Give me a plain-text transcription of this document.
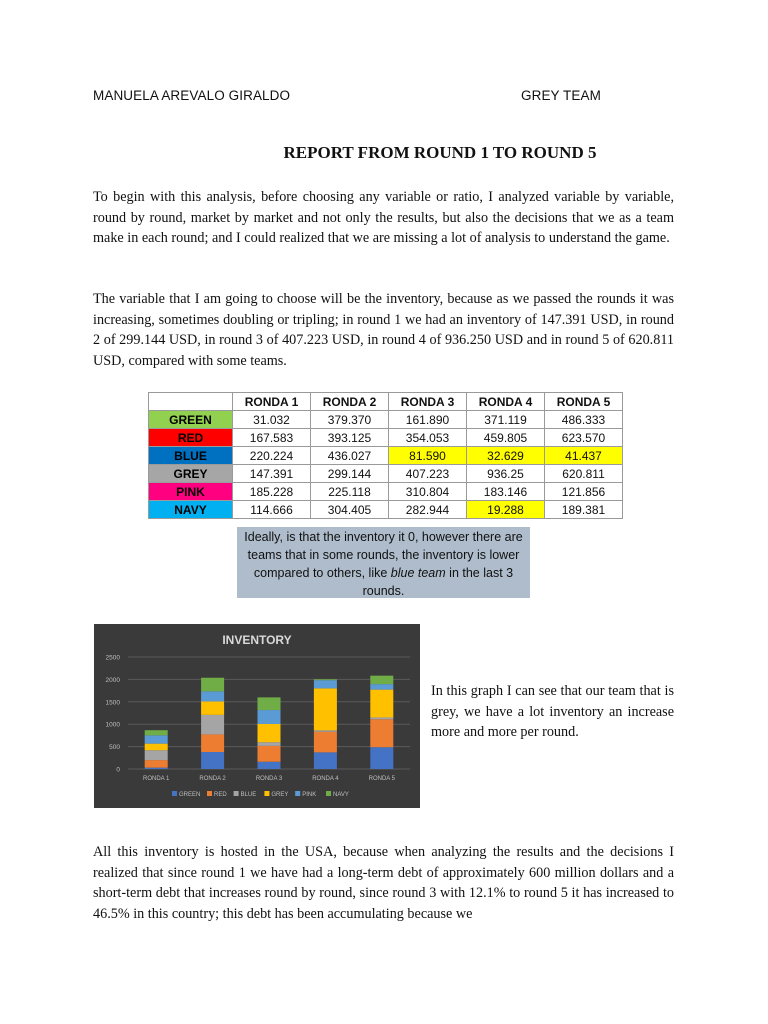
MANUELA AREVALO GIRALDO	GREY TEAM
REPORT FROM ROUND 1 TO ROUND 5

To begin with this analysis, before choosing any variable or ratio, I analyzed variable by variable, round by round, market by market and not only the results, but also the decisions that we as a team make in each round; and I could realized that we are missing a lot of analysis to understand the game.

The variable that I am going to choose will be the inventory, because as we passed the rounds it was increasing, sometimes doubling or tripling; in round 1 we had an inventory of 147.391 USD, in round 2 of 299.144 USD, in round 3 of 407.223 USD, in round 4 of 936.250 USD and in round 5 of 620.811 USD, compared with some teams.

	RONDA 1	RONDA 2	RONDA 3	RONDA 4	RONDA 5
GREEN	31.032	379.370	161.890	371.119	486.333
RED	167.583	393.125	354.053	459.805	623.570
BLUE	220.224	436.027	81.590	32.629	41.437
GREY	147.391	299.144	407.223	936.25	620.811
PINK	185.228	225.118	310.804	183.146	121.856
NAVY	114.666	304.405	282.944	19.288	189.381
Ideally, is that the inventory it 0, however there are teams that in some rounds, the inventory is lower compared to others, like blue team in the last 3 rounds.
INVENTORY
0
500
1000
1500
2000
2500
RONDA 1	RONDA 2	RONDA 3	RONDA 4	RONDA 5
GREEN RED BLUE	GREY PINK	NAVY

In this graph I can see that our team that is grey, we have a lot inventory an increase more and more per round.

All this inventory is hosted in the USA, because when analyzing the results and the decisions I realized that since round 1 we have had a long-term debt of approximately 600 million dollars and a short-term debt that increases round by round, since round 3 with 12.1% to round 5 it has increased to 46.5% in this country; this debt has been accumulating because we
